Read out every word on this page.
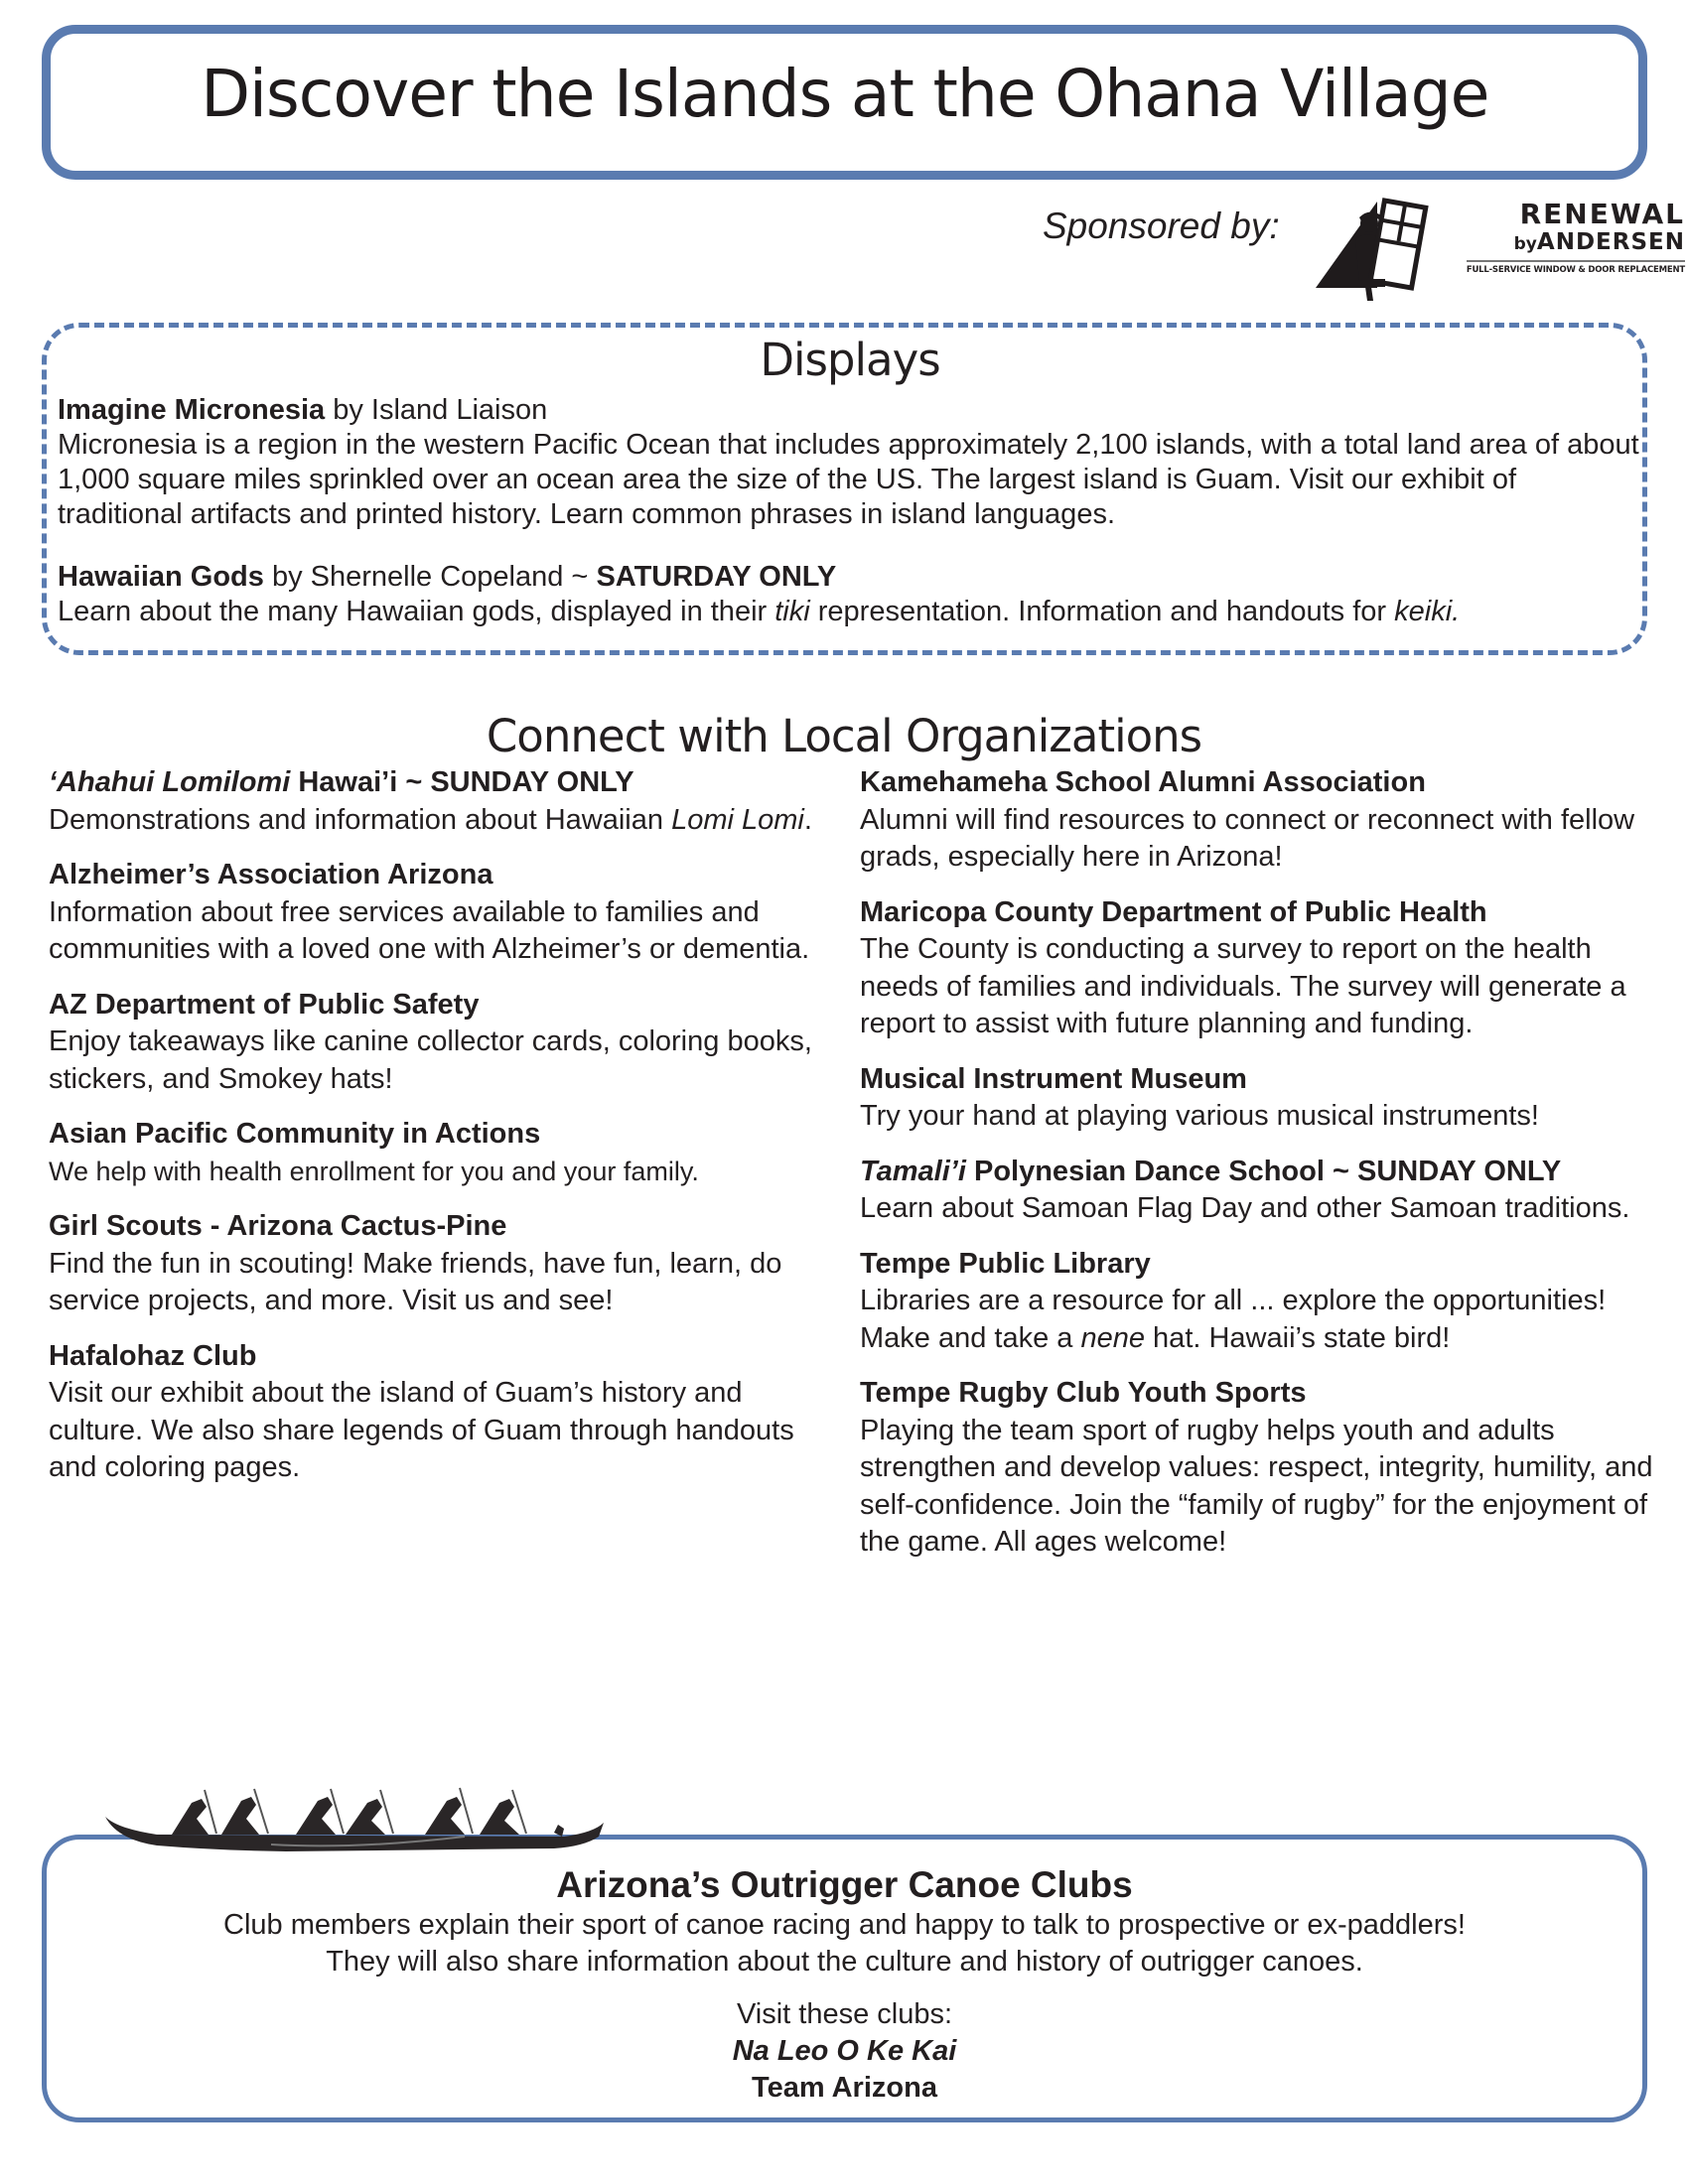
Discover the Islands at the Ohana Village
Sponsored by:	RENEWAL
byANDERSEN
FULL-SERVICE WINDOW & DOOR REPLACEMENT
Displays
Imagine Micronesia by Island Liaison
Micronesia is a region in the western Pacific Ocean that includes approximately 2,100 islands, with a total land area of about 1,000 square miles sprinkled over an ocean area the size of the US. The largest island is Guam. Visit our exhibit of traditional artifacts and printed history. Learn common phrases in island languages.
Hawaiian Gods by Shernelle Copeland ~ SATURDAY ONLY
Learn about the many Hawaiian gods, displayed in their tiki representation. Information and handouts for keiki.
Connect with Local Organizations
‘Ahahui Lomilomi Hawai’i ~ SUNDAY ONLY
Demonstrations and information about Hawaiian Lomi Lomi.
Alzheimer’s Association Arizona
Information about free services available to families and communities with a loved one with Alzheimer’s or dementia.
AZ Department of Public Safety
Enjoy takeaways like canine collector cards, coloring books, stickers, and Smokey hats!
Asian Pacific Community in Actions
We help with health enrollment for you and your family.
Girl Scouts - Arizona Cactus-Pine
Find the fun in scouting! Make friends, have fun, learn, do service projects, and more. Visit us and see!
Hafalohaz Club
Visit our exhibit about the island of Guam’s history and culture. We also share legends of Guam through handouts and coloring pages.
Kamehameha School Alumni Association
Alumni will find resources to connect or reconnect with fellow grads, especially here in Arizona!
Maricopa County Department of Public Health
The County is conducting a survey to report on the health needs of families and individuals. The survey will generate a report to assist with future planning and funding.
Musical Instrument Museum
Try your hand at playing various musical instruments!
Tamali’i Polynesian Dance School ~ SUNDAY ONLY
Learn about Samoan Flag Day and other Samoan traditions.
Tempe Public Library
Libraries are a resource for all ... explore the opportunities! Make and take a nene hat. Hawaii’s state bird!
Tempe Rugby Club Youth Sports
Playing the team sport of rugby helps youth and adults strengthen and develop values: respect, integrity, humility, and self-confidence. Join the “family of rugby” for the enjoyment of the game. All ages welcome!
Arizona’s Outrigger Canoe Clubs
Club members explain their sport of canoe racing and happy to talk to prospective or ex-paddlers!
They will also share information about the culture and history of outrigger canoes.
Visit these clubs:
Na Leo O Ke Kai
Team Arizona
